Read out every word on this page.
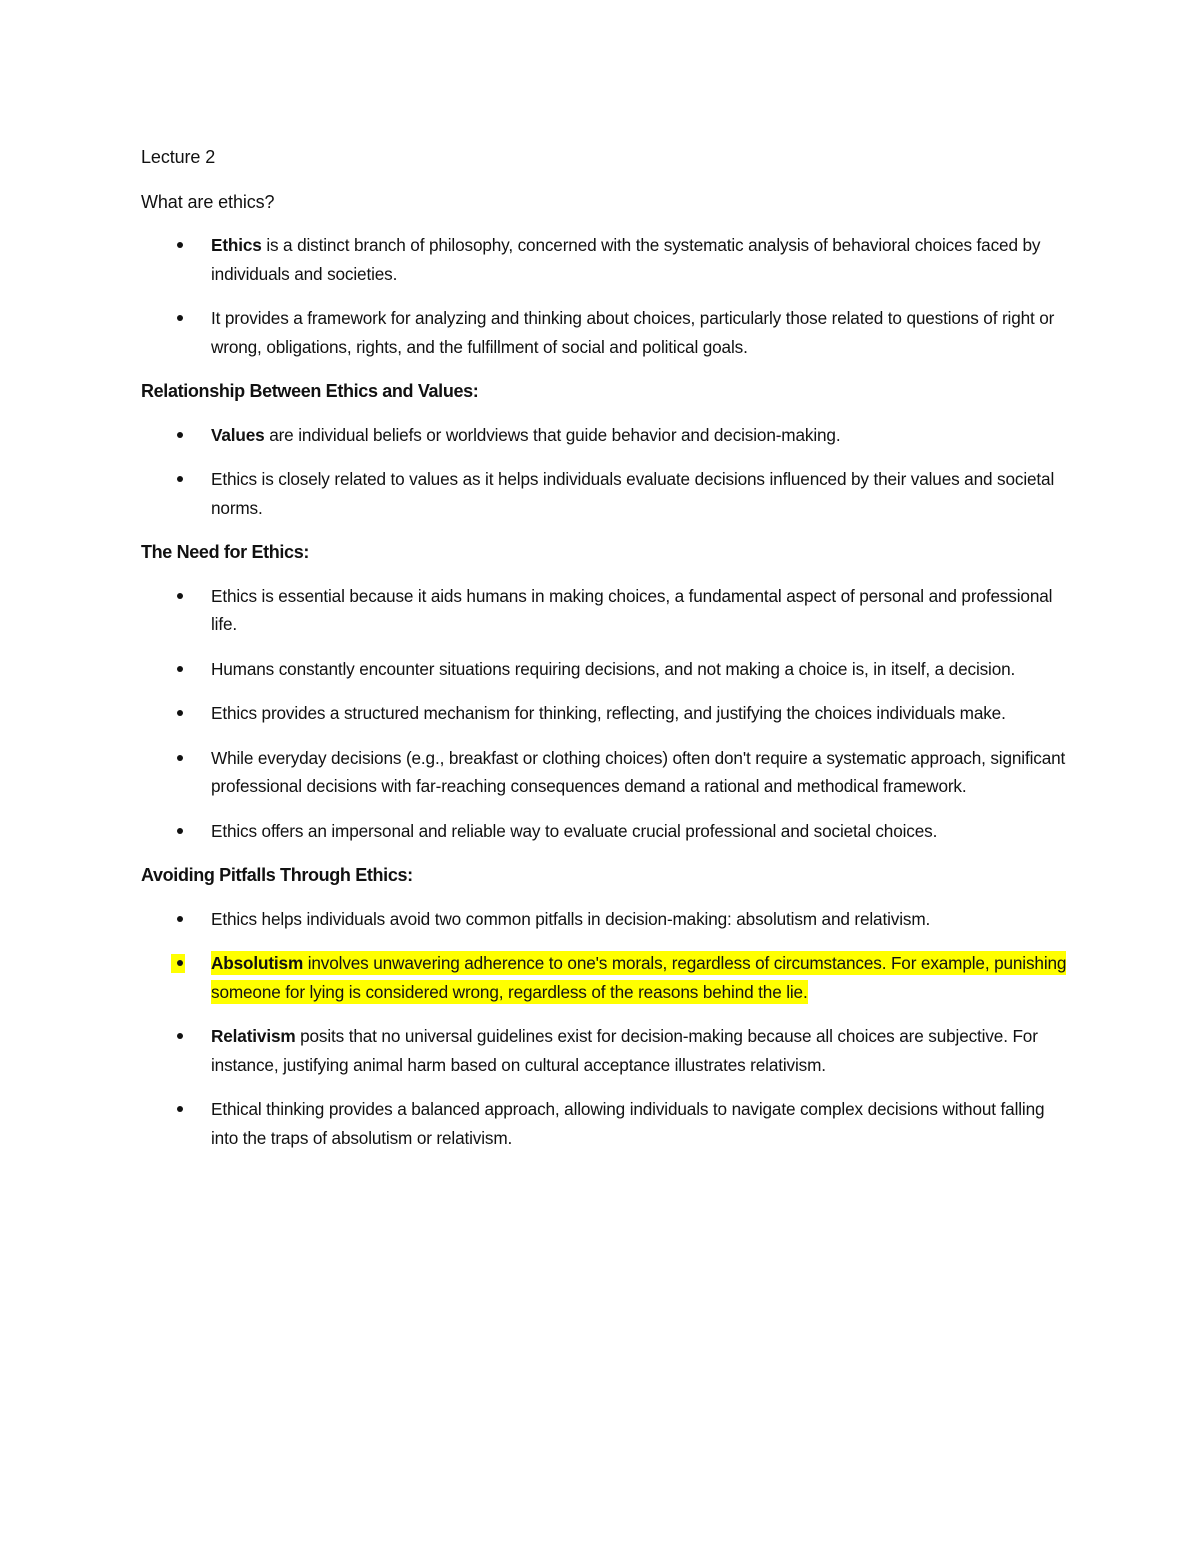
Lecture 2
What are ethics?
Ethics is a distinct branch of philosophy, concerned with the systematic analysis of behavioral choices faced by individuals and societies.
It provides a framework for analyzing and thinking about choices, particularly those related to questions of right or wrong, obligations, rights, and the fulfillment of social and political goals.
Relationship Between Ethics and Values:
Values are individual beliefs or worldviews that guide behavior and decision-making.
Ethics is closely related to values as it helps individuals evaluate decisions influenced by their values and societal norms.
The Need for Ethics:
Ethics is essential because it aids humans in making choices, a fundamental aspect of personal and professional life.
Humans constantly encounter situations requiring decisions, and not making a choice is, in itself, a decision.
Ethics provides a structured mechanism for thinking, reflecting, and justifying the choices individuals make.
While everyday decisions (e.g., breakfast or clothing choices) often don't require a systematic approach, significant professional decisions with far-reaching consequences demand a rational and methodical framework.
Ethics offers an impersonal and reliable way to evaluate crucial professional and societal choices.
Avoiding Pitfalls Through Ethics:
Ethics helps individuals avoid two common pitfalls in decision-making: absolutism and relativism.
Absolutism involves unwavering adherence to one's morals, regardless of circumstances. For example, punishing someone for lying is considered wrong, regardless of the reasons behind the lie.
Relativism posits that no universal guidelines exist for decision-making because all choices are subjective. For instance, justifying animal harm based on cultural acceptance illustrates relativism.
Ethical thinking provides a balanced approach, allowing individuals to navigate complex decisions without falling into the traps of absolutism or relativism.
